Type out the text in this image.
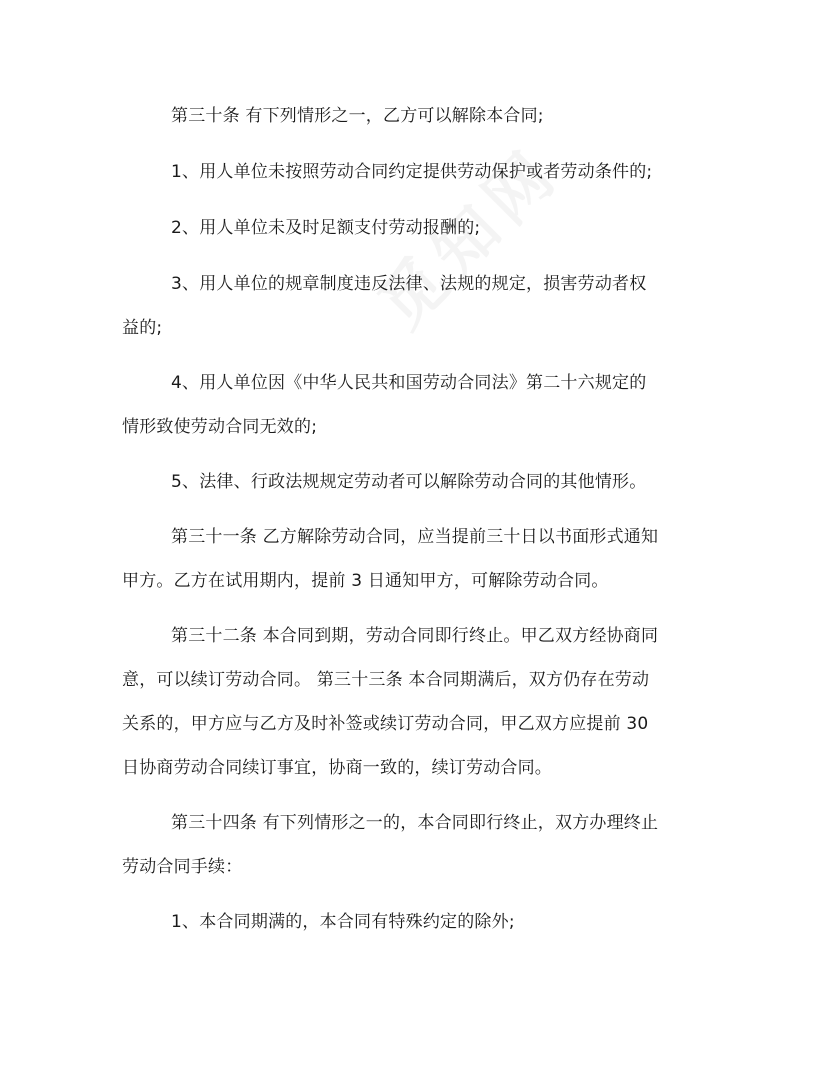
第三十条 有下列情形之一，乙方可以解除本合同;
1、用人单位未按照劳动合同约定提供劳动保护或者劳动条件的;
2、用人单位未及时足额支付劳动报酬的;
3、用人单位的规章制度违反法律、法规的规定，损害劳动者权
益的;
4、用人单位因《中华人民共和国劳动合同法》第二十六规定的
情形致使劳动合同无效的;
5、法律、行政法规规定劳动者可以解除劳动合同的其他情形。
第三十一条 乙方解除劳动合同，应当提前三十日以书面形式通知
甲方。乙方在试用期内，提前 3 日通知甲方，可解除劳动合同。
第三十二条 本合同到期，劳动合同即行终止。甲乙双方经协商同
意，可以续订劳动合同。 第三十三条 本合同期满后，双方仍存在劳动
关系的，甲方应与乙方及时补签或续订劳动合同，甲乙双方应提前 30
日协商劳动合同续订事宜，协商一致的，续订劳动合同。
第三十四条 有下列情形之一的，本合同即行终止，双方办理终止
劳动合同手续：
1、本合同期满的，本合同有特殊约定的除外;
